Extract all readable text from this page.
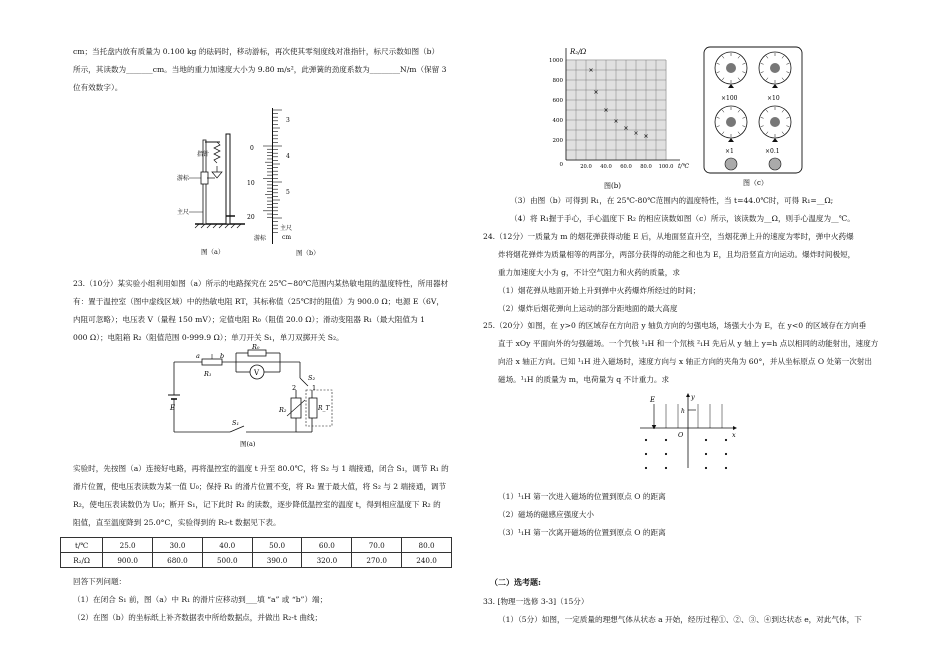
cm；当托盘内放有质量为 0.100 kg 的砝码时，移动游标，再次使其零刻度线对准指针，标尺示数如图（b）
所示，其读数为_______cm。当地的重力加速度大小为 9.80 m/s²，此弹簧的劲度系数为________N/m（保留 3
位有效数字）。
指针
游标
主尺
图（a）
3
4
5
0
10
20
游标
主尺
cm
图（b）
23.（10分）某实验小组利用如图（a）所示的电路探究在 25℃~80℃范围内某热敏电阻的温度特性，所用器材
有：置于温控室（图中虚线区域）中的热敏电阻 RT，其标称值（25℃时的阻值）为 900.0 Ω；电源 E（6V，
内阻可忽略）；电压表 V（量程 150 mV）；定值电阻 R₀（阻值 20.0 Ω）；滑动变阻器 R₁（最大阻值为 1
000 Ω）；电阻箱 R₂（阻值范围 0-999.9 Ω）；单刀开关 S₁，单刀双掷开关 S₂。
E
a	b
R₁
R₀
V
S₂
2 1
R₂	R_T
S₁
图(a)
实验时，先按图（a）连接好电路，再将温控室的温度 t 升至 80.0℃，将 S₂ 与 1 端接通，闭合 S₁，调节 R₁ 的
滑片位置，使电压表读数为某一值 U₀；保持 R₁ 的滑片位置不变，将 R₂ 置于最大值，将 S₂ 与 2 端接通，调节
R₂，使电压表读数仍为 U₀；断开 S₁，记下此时 R₂ 的读数，逐步降低温控室的温度 t，得到相应温度下 R₂ 的
阻值，直至温度降到 25.0°C，实验得到的 R₂-t 数据见下表。
t/℃	25.0	30.0	40.0	50.0	60.0	70.0	80.0
R₂/Ω	900.0	680.0	500.0	390.0	320.0	270.0	240.0
回答下列问题：
（1）在闭合 S₁ 前，图（a）中 R₁ 的滑片应移动到___填 “a” 或 “b”）端；
（2）在图（b）的坐标纸上补齐数据表中所给数据点，并做出 R₂-t 曲线；
1000
800
600
400
200
0	20.0 40.0 60.0 80.0 100.0
R₂/Ω
t/℃
图(b)
×100	×10
×1	×0.1
图（c）
（3）由图（b）可得到 R₁，在 25℃-80℃范围内的温度特性，当 t=44.0℃时，可得 R₁=__Ω;
（4）将 R₁握于手心，手心温度下 R₂ 的相应读数如图（c）所示，该读数为__Ω，则手心温度为__℃。
24.（12分）一质量为 m 的烟花弹获得动能 E 后，从地面竖直升空，当烟花弹上升的速度为零时，弹中火药爆
炸将烟花弹炸为质量相等的两部分，两部分获得的动能之和也为 E，且均沿竖直方向运动。爆炸时间极短，
重力加速度大小为 g，不计空气阻力和火药的质量，求
（1）烟花弹从地面开始上升到弹中火药爆炸所经过的时间；
（2）爆炸后烟花弹向上运动的部分距地面的最大高度
25.（20分）如图，在 y>0 的区域存在方向沿 y 轴负方向的匀强电场，场强大小为 E，在 y<0 的区域存在方向垂
直于 xOy 平面向外的匀强磁场。一个氕核 ¹₁H 和一个氘核 ²₁H 先后从 y 轴上 y=h 点以相同的动能射出，速度方
向沿 x 轴正方向。已知 ¹₁H 进入磁场时，速度方向与 x 轴正方向的夹角为 60°，并从坐标原点 O 处第一次射出
磁场。¹₁H 的质量为 m，电荷量为 q 不计重力。求
E	y
h
O	x
（1）¹₁H 第一次进入磁场的位置到原点 O 的距离
（2）磁场的磁感应强度大小
（3）¹₁H 第一次离开磁场的位置到原点 O 的距离
（二）选考题:
33. [物理一选修 3-3]（15分）
（1）（5分）如图，一定质量的理想气体从状态 a 开始，经历过程①、②、③、④到达状态 e，对此气体，下
